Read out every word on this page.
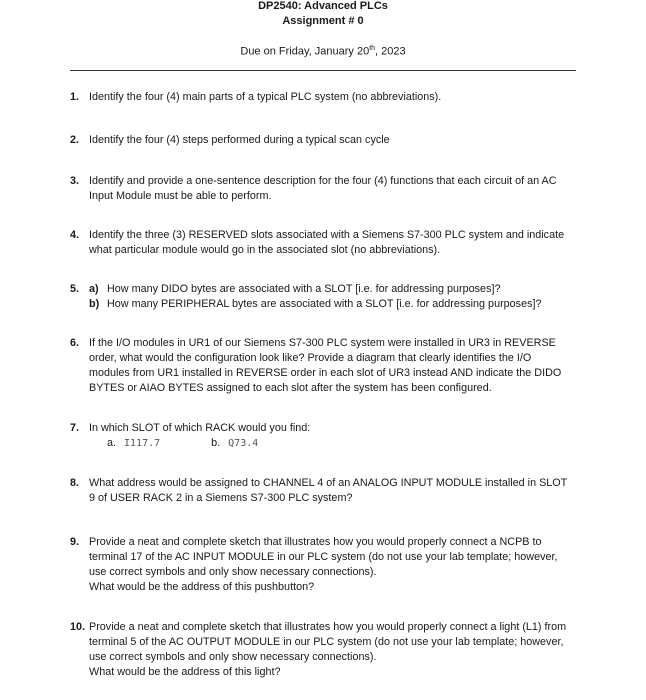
DP2540: Advanced PLCs
Assignment # 0
Due on Friday, January 20th, 2023
1. Identify the four (4) main parts of a typical PLC system (no abbreviations).
2. Identify the four (4) steps performed during a typical scan cycle
3. Identify and provide a one-sentence description for the four (4) functions that each circuit of an AC Input Module must be able to perform.
4. Identify the three (3) RESERVED slots associated with a Siemens S7-300 PLC system and indicate what particular module would go in the associated slot (no abbreviations).
5. a) How many DIDO bytes are associated with a SLOT [i.e. for addressing purposes]?
b) How many PERIPHERAL bytes are associated with a SLOT [i.e. for addressing purposes]?
6. If the I/O modules in UR1 of our Siemens S7-300 PLC system were installed in UR3 in REVERSE order, what would the configuration look like? Provide a diagram that clearly identifies the I/O modules from UR1 installed in REVERSE order in each slot of UR3 instead AND indicate the DIDO BYTES or AIAO BYTES assigned to each slot after the system has been configured.
7. In which SLOT of which RACK would you find:
a. I117.7	b. Q73.4
8. What address would be assigned to CHANNEL 4 of an ANALOG INPUT MODULE installed in SLOT 9 of USER RACK 2 in a Siemens S7-300 PLC system?
9. Provide a neat and complete sketch that illustrates how you would properly connect a NCPB to terminal 17 of the AC INPUT MODULE in our PLC system (do not use your lab template; however, use correct symbols and only show necessary connections).
What would be the address of this pushbutton?
10. Provide a neat and complete sketch that illustrates how you would properly connect a light (L1) from terminal 5 of the AC OUTPUT MODULE in our PLC system (do not use your lab template; however, use correct symbols and only show necessary connections).
What would be the address of this light?
